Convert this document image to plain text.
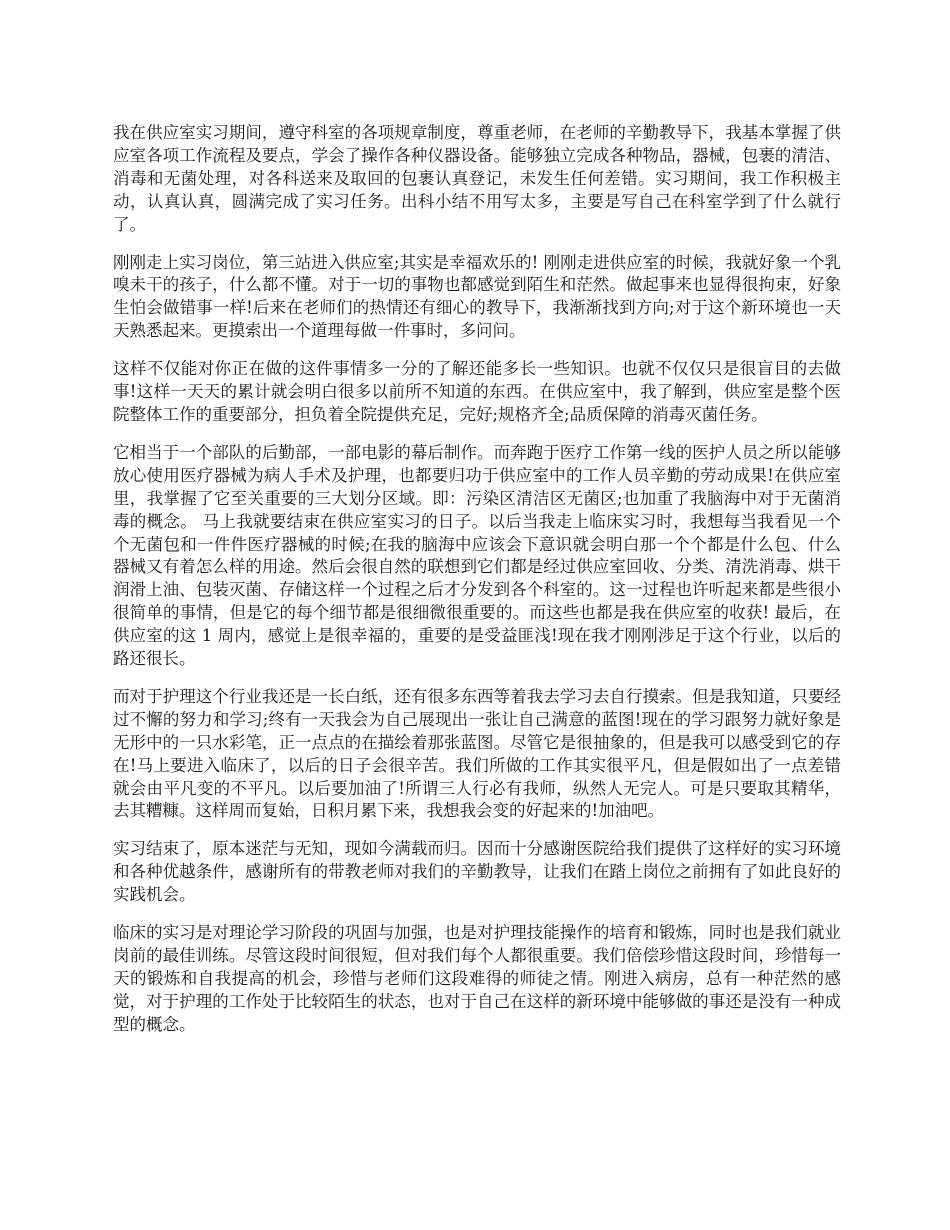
我在供应室实习期间，遵守科室的各项规章制度，尊重老师，在老师的辛勤教导下，我基本掌握了供应室各项工作流程及要点，学会了操作各种仪器设备。能够独立完成各种物品，器械，包裹的清洁、消毒和无菌处理，对各科送来及取回的包裹认真登记，未发生任何差错。实习期间，我工作积极主动，认真认真，圆满完成了实习任务。出科小结不用写太多，主要是写自己在科室学到了什么就行了。

刚刚走上实习岗位，第三站进入供应室;其实是幸福欢乐的! 刚刚走进供应室的时候，我就好象一个乳嗅未干的孩子，什么都不懂。对于一切的事物也都感觉到陌生和茫然。做起事来也显得很拘束，好象生怕会做错事一样!后来在老师们的热情还有细心的教导下，我渐渐找到方向;对于这个新环境也一天天熟悉起来。更摸索出一个道理每做一件事时，多问问。

这样不仅能对你正在做的这件事情多一分的了解还能多长一些知识。也就不仅仅只是很盲目的去做事!这样一天天的累计就会明白很多以前所不知道的东西。在供应室中，我了解到，供应室是整个医院整体工作的重要部分，担负着全院提供充足，完好;规格齐全;品质保障的消毒灭菌任务。

它相当于一个部队的后勤部，一部电影的幕后制作。而奔跑于医疗工作第一线的医护人员之所以能够放心使用医疗器械为病人手术及护理，也都要归功于供应室中的工作人员辛勤的劳动成果!在供应室里，我掌握了它至关重要的三大划分区域。即：污染区清洁区无菌区;也加重了我脑海中对于无菌消毒的概念。 马上我就要结束在供应室实习的日子。以后当我走上临床实习时，我想每当我看见一个个无菌包和一件件医疗器械的时候;在我的脑海中应该会下意识就会明白那一个个都是什么包、什么器械又有着怎么样的用途。然后会很自然的联想到它们都是经过供应室回收、分类、清洗消毒、烘干润滑上油、包装灭菌、存储这样一个过程之后才分发到各个科室的。这一过程也许听起来都是些很小很简单的事情，但是它的每个细节都是很细微很重要的。而这些也都是我在供应室的收获! 最后，在供应室的这 1 周内，感觉上是很幸福的，重要的是受益匪浅!现在我才刚刚涉足于这个行业，以后的路还很长。

而对于护理这个行业我还是一长白纸，还有很多东西等着我去学习去自行摸索。但是我知道，只要经过不懈的努力和学习;终有一天我会为自己展现出一张让自己满意的蓝图!现在的学习跟努力就好象是无形中的一只水彩笔，正一点点的在描绘着那张蓝图。尽管它是很抽象的，但是我可以感受到它的存在!马上要进入临床了，以后的日子会很辛苦。我们所做的工作其实很平凡，但是假如出了一点差错就会由平凡变的不平凡。以后要加油了!所谓三人行必有我师，纵然人无完人。可是只要取其精华，去其糟糠。这样周而复始，日积月累下来，我想我会变的好起来的!加油吧。

实习结束了，原本迷茫与无知，现如今满载而归。因而十分感谢医院给我们提供了这样好的实习环境和各种优越条件，感谢所有的带教老师对我们的辛勤教导，让我们在踏上岗位之前拥有了如此良好的实践机会。

临床的实习是对理论学习阶段的巩固与加强，也是对护理技能操作的培育和锻炼，同时也是我们就业岗前的最佳训练。尽管这段时间很短，但对我们每个人都很重要。我们倍偿珍惜这段时间，珍惜每一天的锻炼和自我提高的机会，珍惜与老师们这段难得的师徒之情。刚进入病房，总有一种茫然的感觉，对于护理的工作处于比较陌生的状态，也对于自己在这样的新环境中能够做的事还是没有一种成型的概念。
